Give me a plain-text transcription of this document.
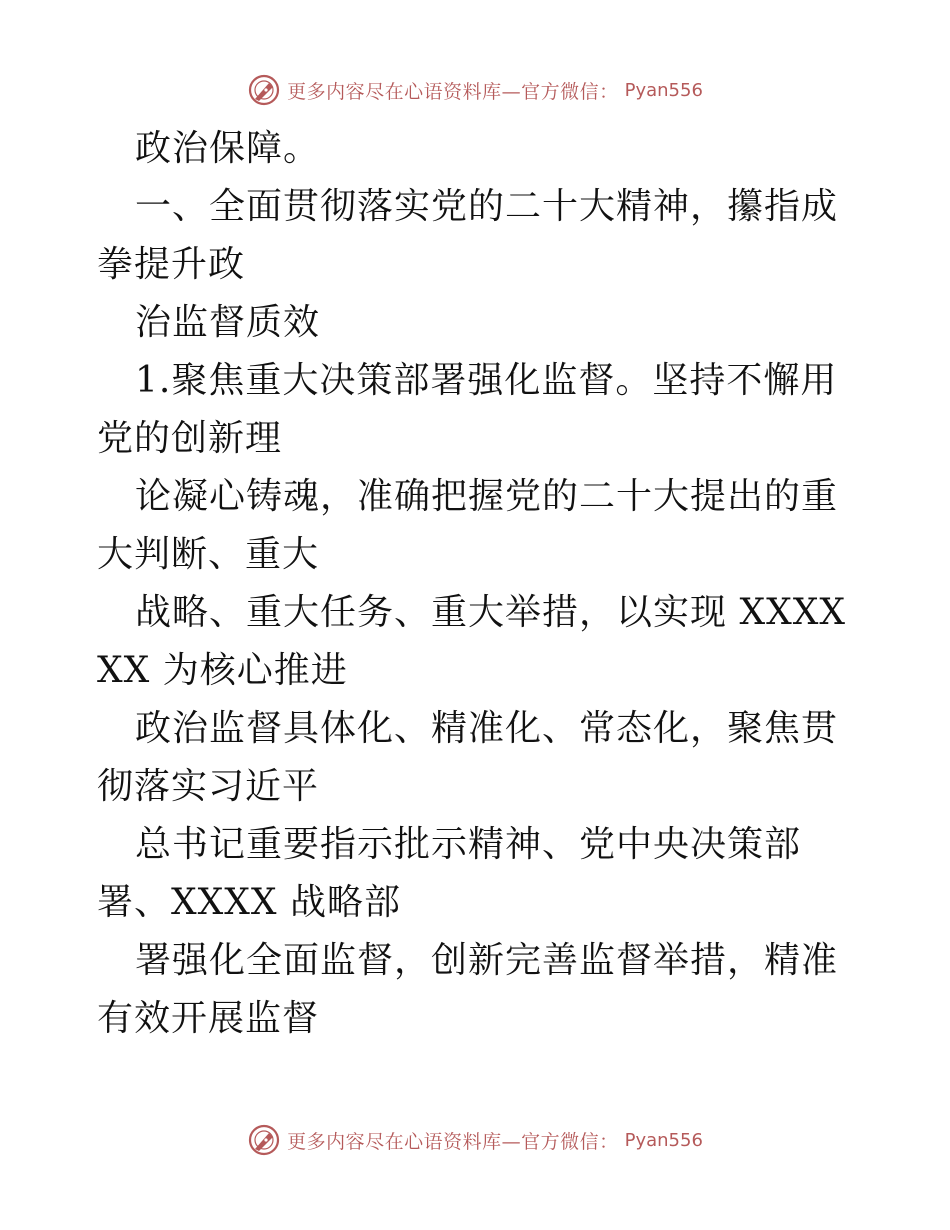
更多内容尽在心语资料库—官方微信： Pyan556

政治保障。

一、全面贯彻落实党的二十大精神，攥指成拳提升政

治监督质效

1.聚焦重大决策部署强化监督。坚持不懈用党的创新理

论凝心铸魂，准确把握党的二十大提出的重大判断、重大

战略、重大任务、重大举措，以实现 XXXXXX 为核心推进

政治监督具体化、精准化、常态化，聚焦贯彻落实习近平

总书记重要指示批示精神、党中央决策部署、XXXX 战略部

署强化全面监督，创新完善监督举措，精准有效开展监督

更多内容尽在心语资料库—官方微信： Pyan556
